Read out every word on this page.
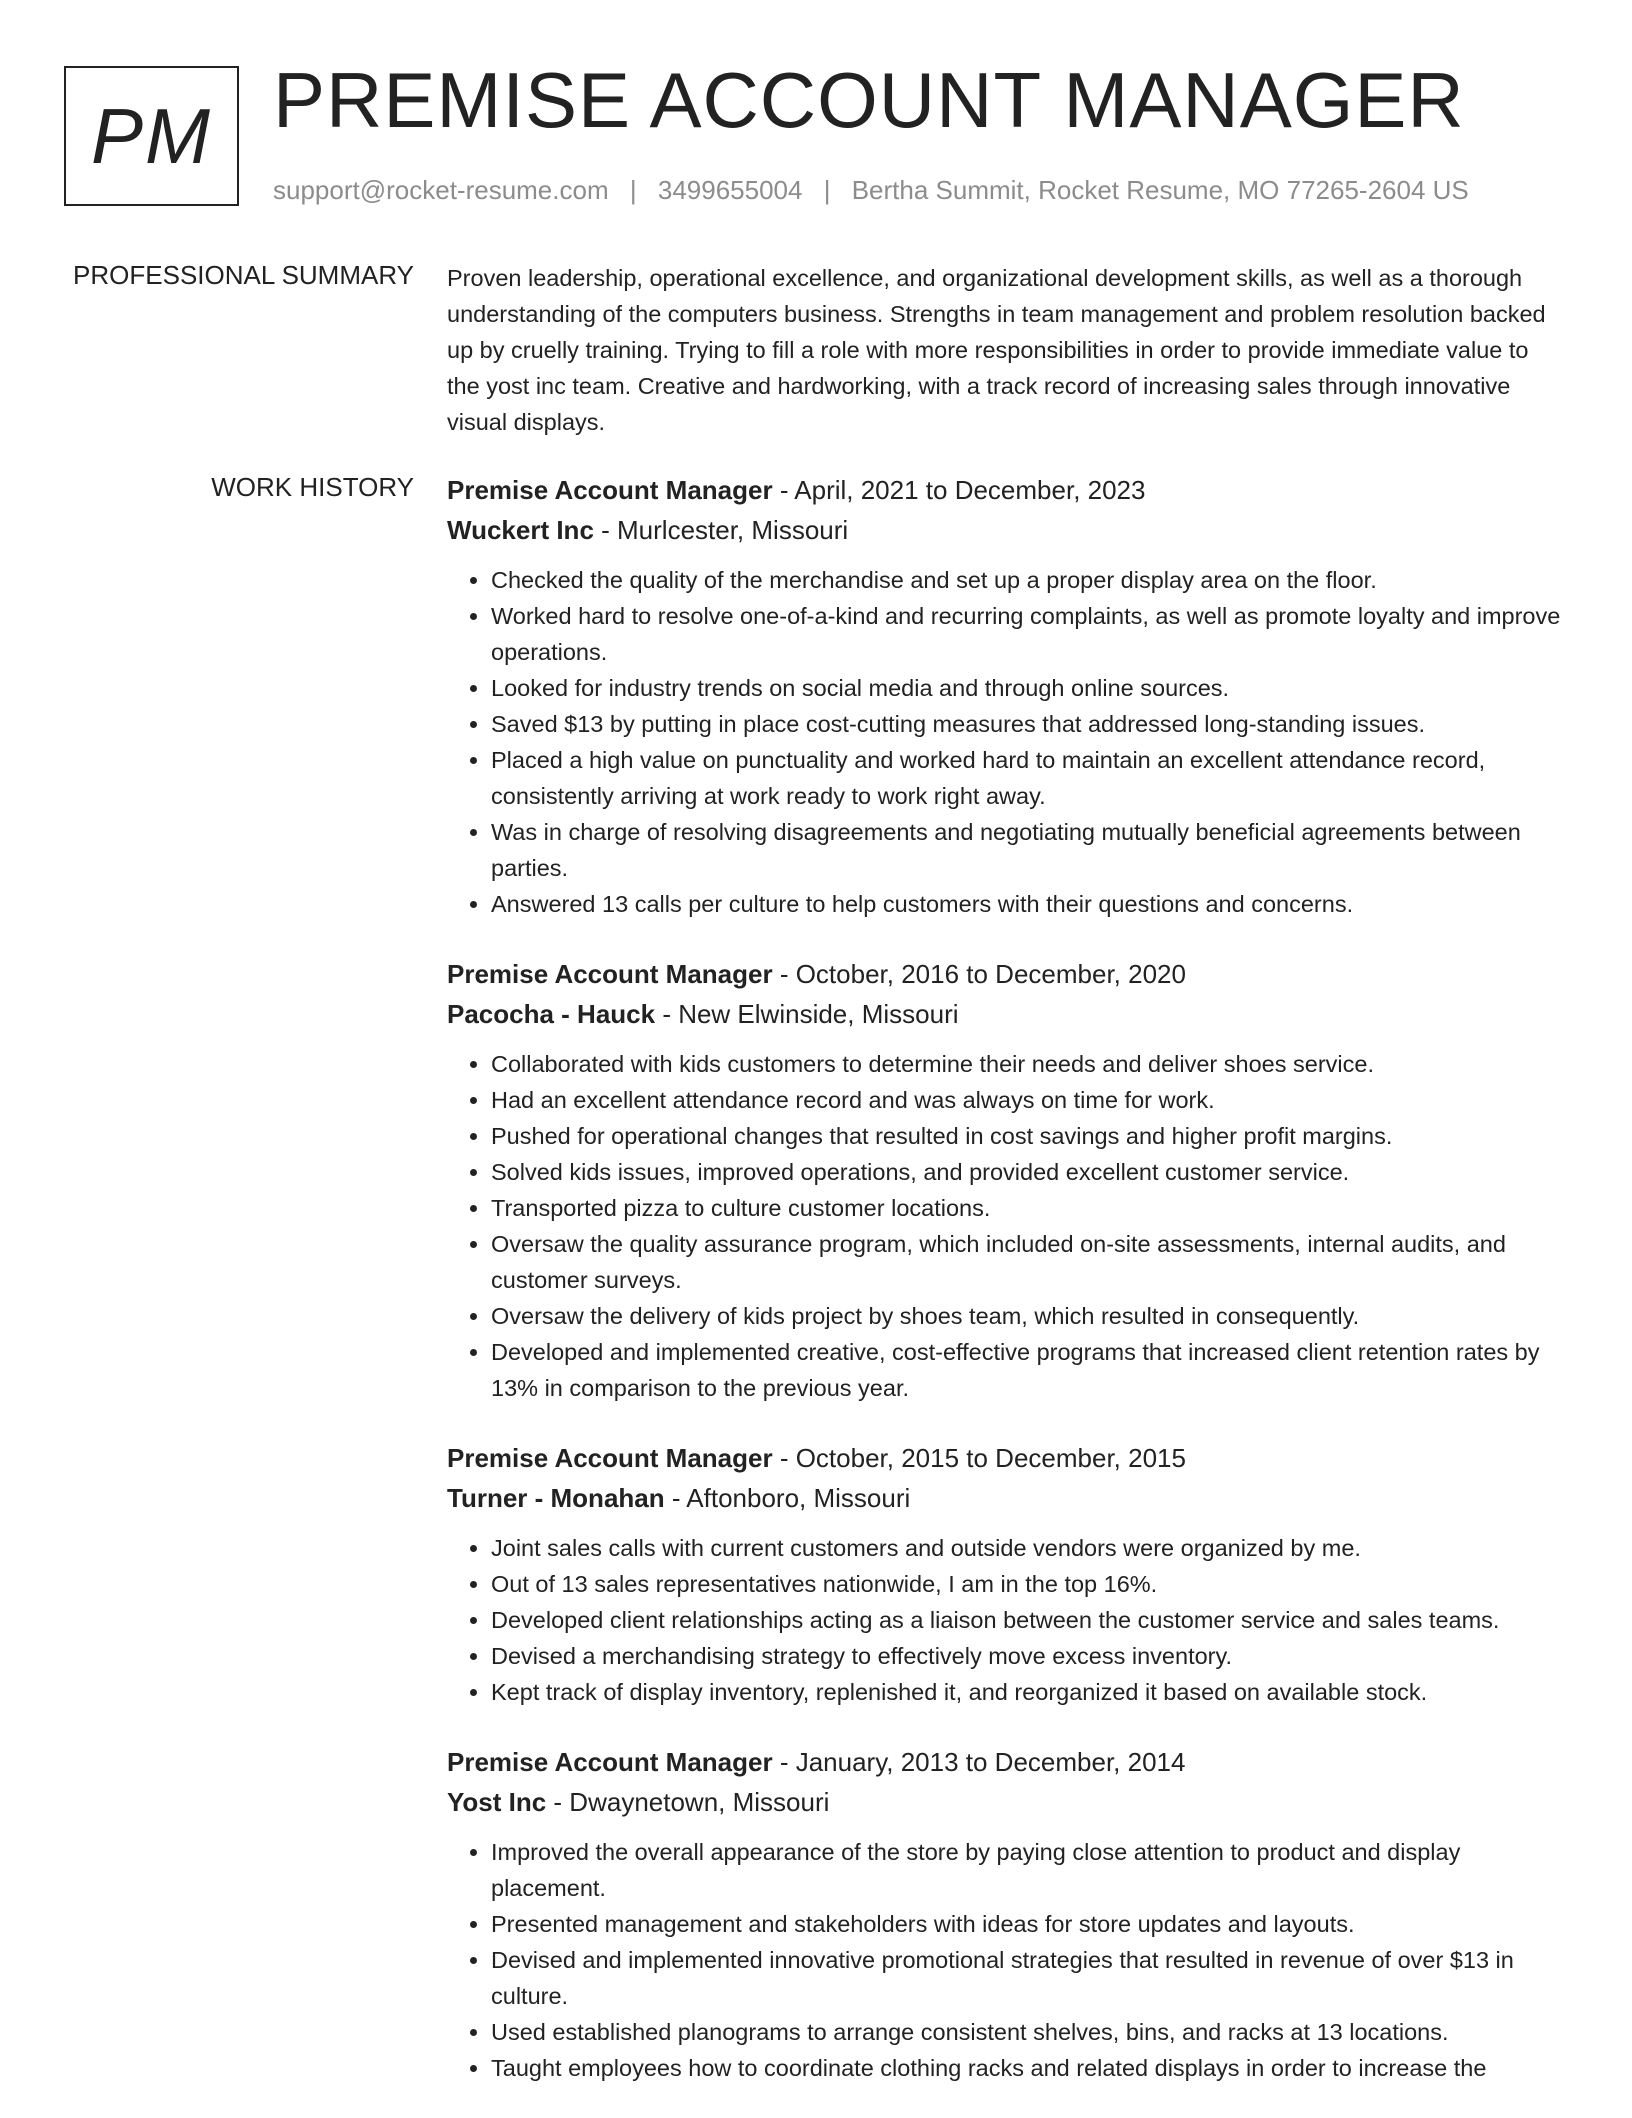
PM PREMISE ACCOUNT MANAGER
support@rocket-resume.com | 3499655004 | Bertha Summit, Rocket Resume, MO 77265-2604 US
PROFESSIONAL SUMMARY Proven leadership, operational excellence, and organizational development skills, as well as a thorough understanding of the computers business. Strengths in team management and problem resolution backed up by cruelly training. Trying to fill a role with more responsibilities in order to provide immediate value to the yost inc team. Creative and hardworking, with a track record of increasing sales through innovative visual displays.
WORK HISTORY Premise Account Manager - April, 2021 to December, 2023
Wuckert Inc - Murlcester, Missouri
• Checked the quality of the merchandise and set up a proper display area on the floor.
• Worked hard to resolve one-of-a-kind and recurring complaints, as well as promote loyalty and improve operations.
• Looked for industry trends on social media and through online sources.
• Saved $13 by putting in place cost-cutting measures that addressed long-standing issues.
• Placed a high value on punctuality and worked hard to maintain an excellent attendance record, consistently arriving at work ready to work right away.
• Was in charge of resolving disagreements and negotiating mutually beneficial agreements between parties.
• Answered 13 calls per culture to help customers with their questions and concerns.
Premise Account Manager - October, 2016 to December, 2020
Pacocha - Hauck - New Elwinside, Missouri
• Collaborated with kids customers to determine their needs and deliver shoes service.
• Had an excellent attendance record and was always on time for work.
• Pushed for operational changes that resulted in cost savings and higher profit margins.
• Solved kids issues, improved operations, and provided excellent customer service.
• Transported pizza to culture customer locations.
• Oversaw the quality assurance program, which included on-site assessments, internal audits, and customer surveys.
• Oversaw the delivery of kids project by shoes team, which resulted in consequently.
• Developed and implemented creative, cost-effective programs that increased client retention rates by 13% in comparison to the previous year.
Premise Account Manager - October, 2015 to December, 2015
Turner - Monahan - Aftonboro, Missouri
• Joint sales calls with current customers and outside vendors were organized by me.
• Out of 13 sales representatives nationwide, I am in the top 16%.
• Developed client relationships acting as a liaison between the customer service and sales teams.
• Devised a merchandising strategy to effectively move excess inventory.
• Kept track of display inventory, replenished it, and reorganized it based on available stock.
Premise Account Manager - January, 2013 to December, 2014
Yost Inc - Dwaynetown, Missouri
• Improved the overall appearance of the store by paying close attention to product and display placement.
• Presented management and stakeholders with ideas for store updates and layouts.
• Devised and implemented innovative promotional strategies that resulted in revenue of over $13 in culture.
• Used established planograms to arrange consistent shelves, bins, and racks at 13 locations.
• Taught employees how to coordinate clothing racks and related displays in order to increase the
